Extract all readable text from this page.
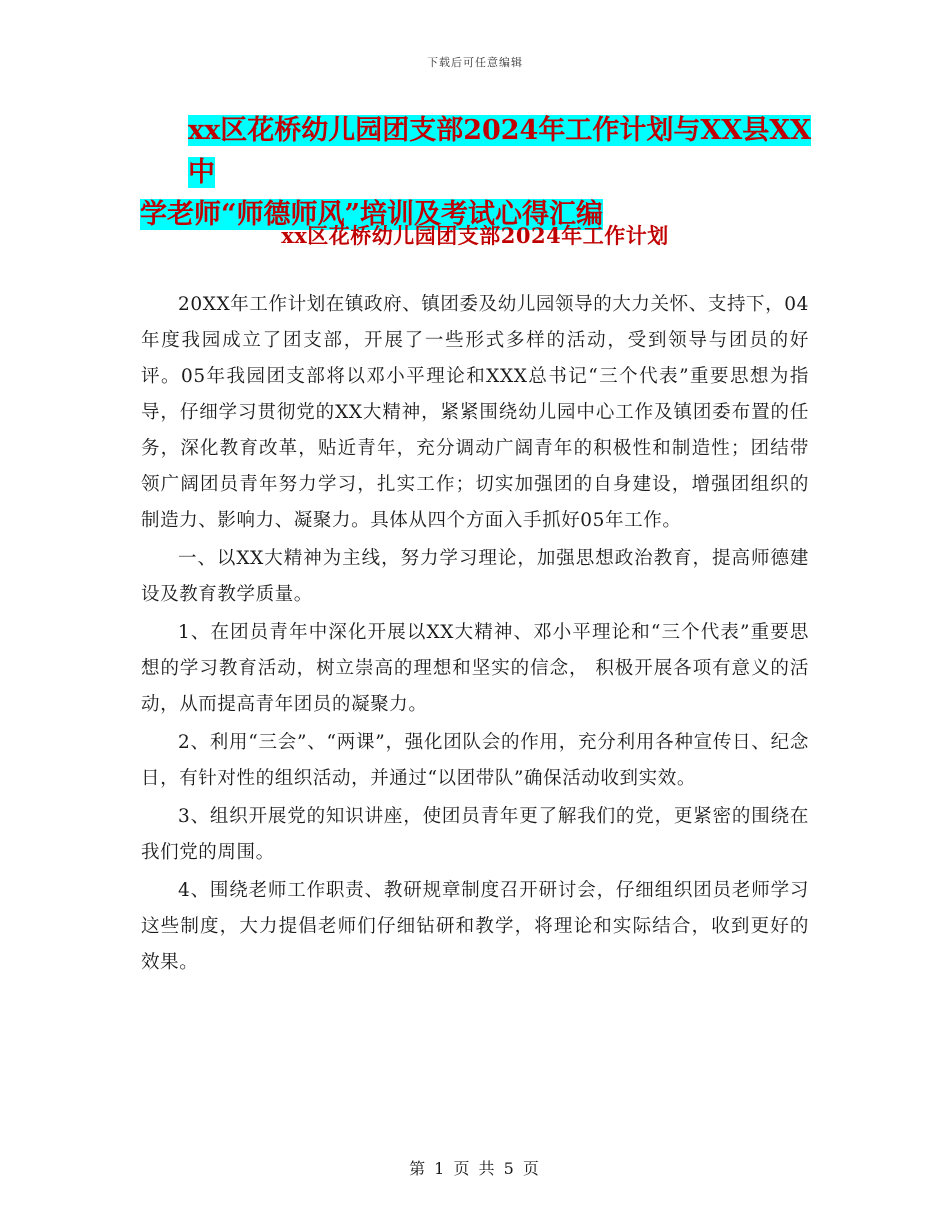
下载后可任意编辑
xx区花桥幼儿园团支部2024年工作计划与XX县XX中
学老师“师德师风”培训及考试心得汇编
xx区花桥幼儿园团支部2024年工作计划

20XX年工作计划在镇政府、镇团委及幼儿园领导的大力关怀、支持下，04年度我园成立了团支部，开展了一些形式多样的活动，受到领导与团员的好评。05年我园团支部将以邓小平理论和XXX总书记“三个代表”重要思想为指导，仔细学习贯彻党的XX大精神，紧紧围绕幼儿园中心工作及镇团委布置的任务，深化教育改革，贴近青年，充分调动广阔青年的积极性和制造性；团结带领广阔团员青年努力学习，扎实工作；切实加强团的自身建设，增强团组织的制造力、影响力、凝聚力。具体从四个方面入手抓好05年工作。

一、以XX大精神为主线，努力学习理论，加强思想政治教育，提高师德建设及教育教学质量。

1、在团员青年中深化开展以XX大精神、邓小平理论和“三个代表”重要思想的学习教育活动，树立崇高的理想和坚实的信念， 积极开展各项有意义的活动，从而提高青年团员的凝聚力。

2、利用“三会”、“两课”，强化团队会的作用，充分利用各种宣传日、纪念日，有针对性的组织活动，并通过“以团带队”确保活动收到实效。

3、组织开展党的知识讲座，使团员青年更了解我们的党，更紧密的围绕在我们党的周围。

4、围绕老师工作职责、教研规章制度召开研讨会，仔细组织团员老师学习这些制度，大力提倡老师们仔细钻研和教学，将理论和实际结合，收到更好的效果。

第 1 页 共 5 页
